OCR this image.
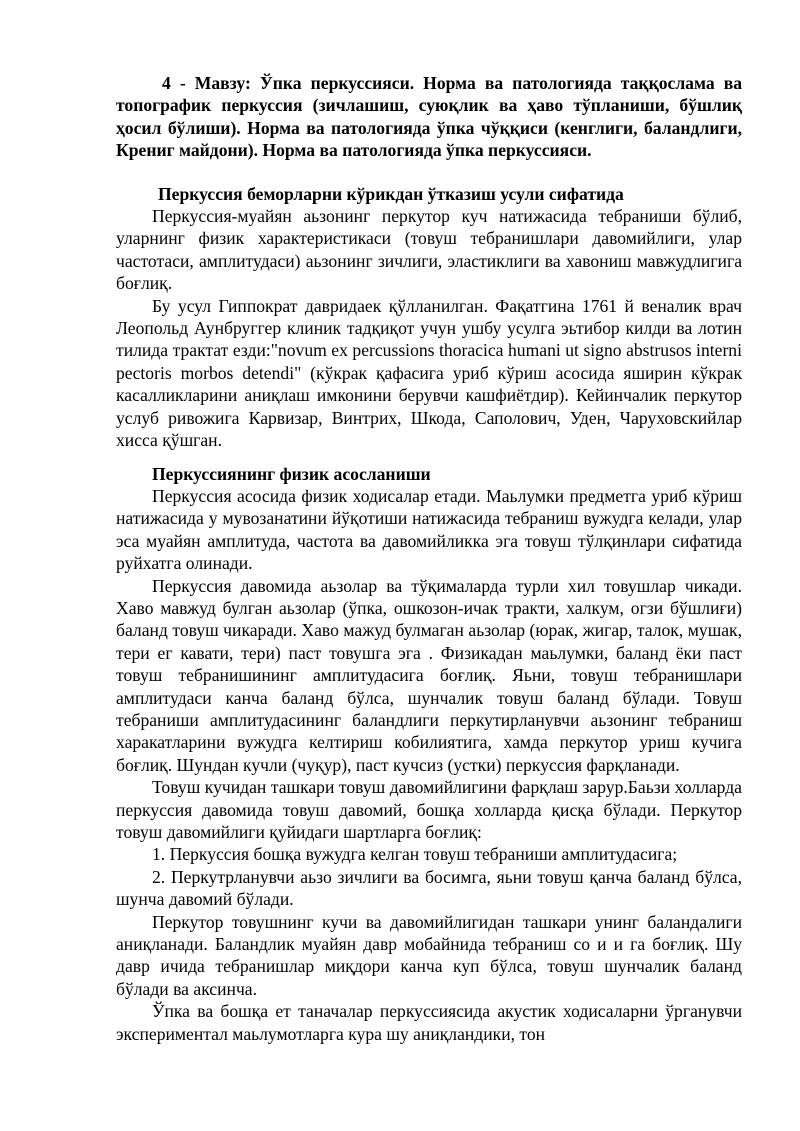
4 - Мавзу: Ўпка перкуссияси. Норма ва патологияда таққослама ва топографик перкуссия (зичлашиш, суюқлик ва ҳаво тўпланиши, бўшлиқ ҳосил бўлиши). Норма ва патологияда ўпка чўққиси (кенглиги, баландлиги, Крениг майдони). Норма ва патологияда ўпка перкуссияси.

Перкуссия беморларни кўрикдан ўтказиш усули сифатида

Перкуссия-муайян аьзонинг перкутор куч натижасида тебраниши бўлиб, уларнинг физик характеристикаси (товуш тебранишлари давомийлиги, улар частотаси, амплитудаси) аьзонинг зичлиги, эластиклиги ва хавониш мавжудлигига боғлиқ.

Бу усул Гиппократ давридаек қўлланилган. Фақатгина 1761 й веналик врач Леопольд Аунбруггер клиник тадқиқот учун ушбу усулга эьтибор килди ва лотин тилида трактат езди:"novum ex percussions thoracica humani ut signo abstrusos interni pectoris morbos detendi" (кўкрак қафасига уриб кўриш асосида яширин кўкрак касалликларини аниқлаш имконини берувчи кашфиётдир). Кейинчалик перкутор услуб ривожига Карвизар, Винтрих, Шкода, Саполович, Уден, Чаруховскийлар хисса қўшган.

Перкуссиянинг физик асосланиши

Перкуссия асосида физик ходисалар етади. Маьлумки предметга уриб кўриш натижасида у мувозанатини йўқотиши натижасида тебраниш вужудга келади, улар эса муайян амплитуда, частота ва давомийликка эга товуш тўлқинлари сифатида руйхатга олинади.

Перкуссия давомида аьзолар ва тўқималарда турли хил товушлар чикади. Хаво мавжуд булган аьзолар (ўпка, ошкозон-ичак тракти, халкум, огзи бўшлиғи) баланд товуш чикаради. Хаво мажуд булмаган аьзолар (юрак, жигар, талок, мушак, тери ег кавати, тери) паст товушга эга . Физикадан маьлумки, баланд ёки паст товуш тебранишининг амплитудасига боғлиқ. Яьни, товуш тебранишлари амплитудаси канча баланд бўлса, шунчалик товуш баланд бўлади. Товуш тебраниши амплитудасининг баландлиги перкутирланувчи аьзонинг тебраниш харакатларини вужудга келтириш кобилиятига, хамда перкутор уриш кучига боғлиқ. Шундан кучли (чуқур), паст кучсиз (устки) перкуссия фарқланади.

Товуш кучидан ташкари товуш давомийлигини фарқлаш зарур.Баьзи холларда перкуссия давомида товуш давомий, бошқа холларда қисқа бўлади. Перкутор товуш давомийлиги қуйидаги шартларга боғлиқ:

1. Перкуссия бошқа вужудга келган товуш тебраниши амплитудасига;

2. Перкутрланувчи аьзо зичлиги ва босимга, яьни товуш қанча баланд бўлса, шунча давомий бўлади.

Перкутор товушнинг кучи ва давомийлигидан ташкари унинг баландалиги аниқланади. Баландлик муайян давр мобайнида тебраниш со и и га боғлиқ. Шу давр ичида тебранишлар миқдори канча куп бўлса, товуш шунчалик баланд бўлади ва аксинча.

Ўпка ва бошқа ет таначалар перкуссиясида акустик ходисаларни ўрганувчи экспериментал маьлумотларга кура шу аниқландики, тон
